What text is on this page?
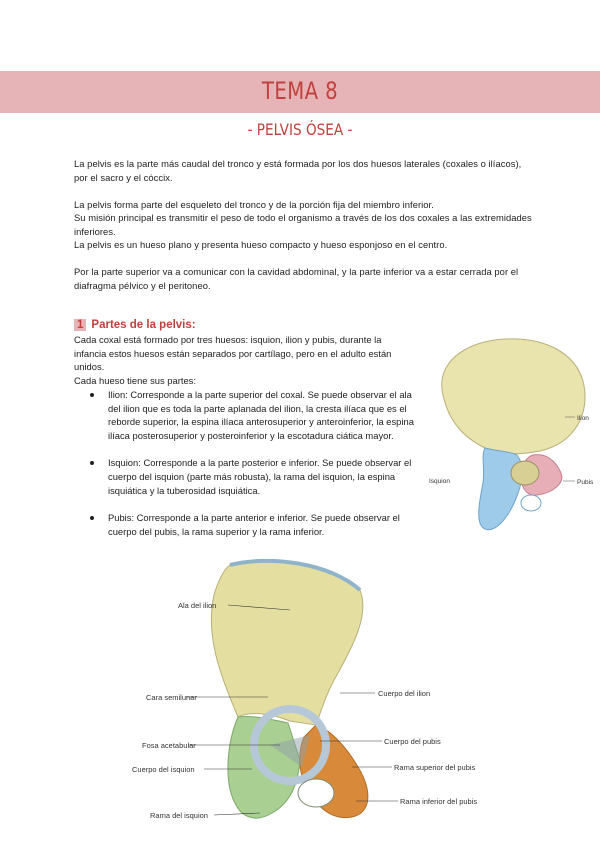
TEMA 8
- PELVIS ÓSEA -

La pelvis es la parte más caudal del tronco y está formada por los dos huesos laterales (coxales o ilíacos), por el sacro y el cóccix.

La pelvis forma parte del esqueleto del tronco y de la porción fija del miembro inferior.

Su misión principal es transmitir el peso de todo el organismo a través de los dos coxales a las extremidades inferiores.

La pelvis es un hueso plano y presenta hueso compacto y hueso esponjoso en el centro.

Por la parte superior va a comunicar con la cavidad abdominal, y la parte inferior va a estar cerrada por el diafragma pélvico y el peritoneo.

1 Partes de la pelvis:

Cada coxal está formado por tres huesos: isquion, ilion y pubis, durante la infancia estos huesos están separados por cartílago, pero en el adulto están unidos.

Cada hueso tiene sus partes:

Ilion: Corresponde a la parte superior del coxal. Se puede observar el ala del ilion que es toda la parte aplanada del ilion, la cresta ilíaca que es el reborde superior, la espina ilíaca anterosuperior y anteroinferior, la espina ilíaca posterosuperior y posteroinferior y la escotadura ciática mayor.
Isquion: Corresponde a la parte posterior e inferior. Se puede observar el cuerpo del isquion (parte más robusta), la rama del isquion, la espina isquiática y la tuberosidad isquiática.
Pubis: Corresponde a la parte anterior e inferior. Se puede observar el cuerpo del pubis, la rama superior y la rama inferior.
Ilion
Isquion	Pubis
Ala del ilion
Cara semilunar	Cuerpo del ilion
Fosa acetabular	Cuerpo del pubis
Cuerpo del isquion	Rama superior del pubis
Rama inferior del pubis
Rama del isquion
